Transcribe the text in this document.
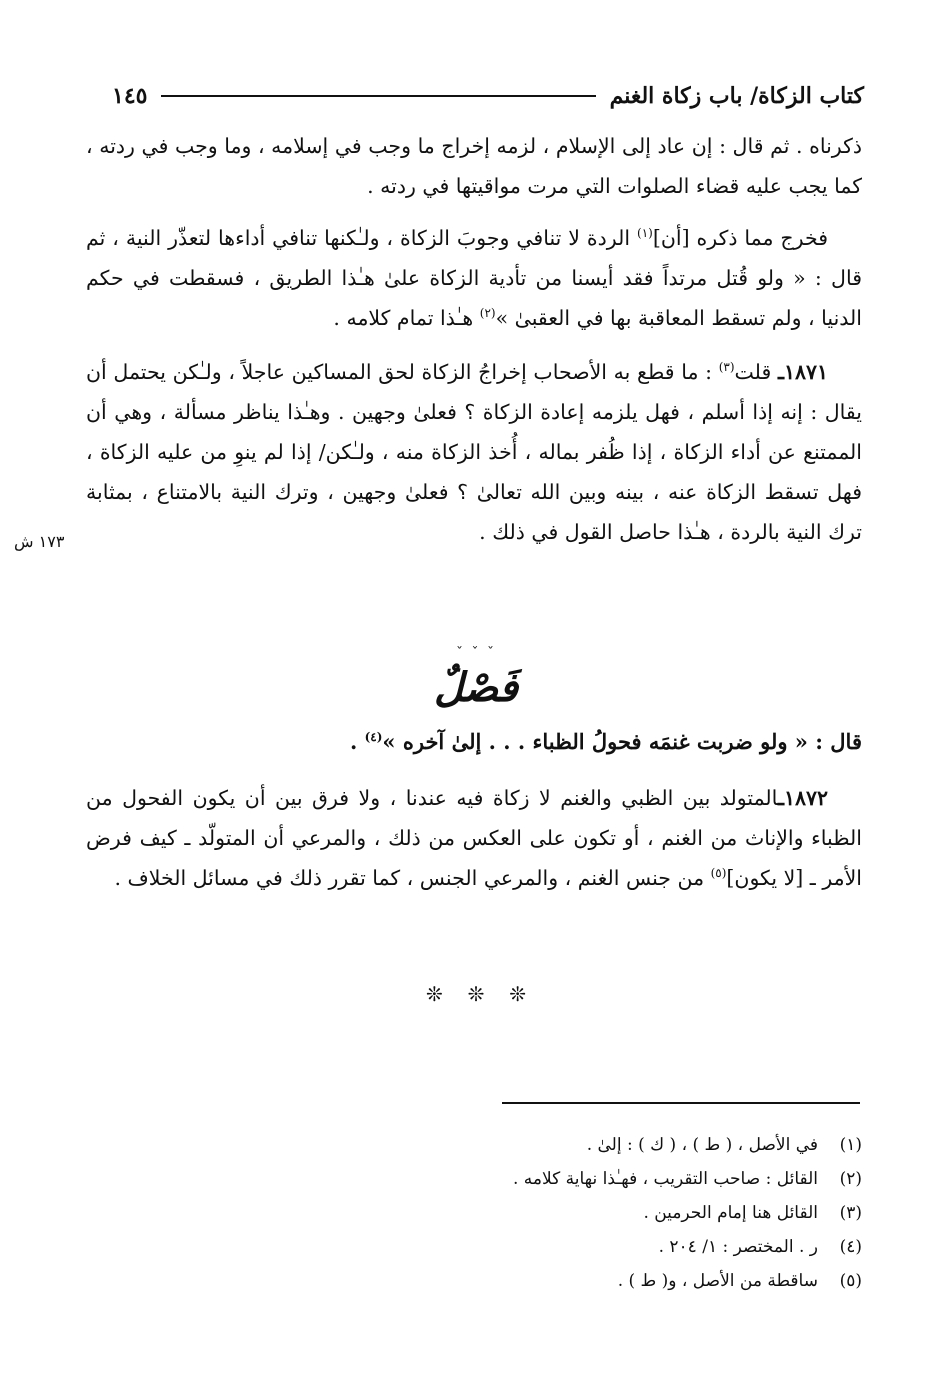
كتاب الزكاة/ باب زكاة الغنم
١٤٥

ذكرناه . ثم قال : إن عاد إلى الإسلام ، لزمه إخراج ما وجب في إسلامه ، وما وجب في ردته ، كما يجب عليه قضاء الصلوات التي مرت مواقيتها في ردته .

فخرج مما ذكره [أن]$^{(١)}$ الردة لا تنافي وجوبَ الزكاة ، ولـٰكنها تنافي أداءها لتعذّر النية ، ثم قال : « ولو قُتل مرتداً فقد أيسنا من تأدية الزكاة علىٰ هـٰذا الطريق ، فسقطت في حكم الدنيا ، ولم تسقط المعاقبة بها في العقبىٰ »$^{(٢)}$ هـٰذا تمام كلامه .

١٨٧١ـ قلت$^{(٣)}$ : ما قطع به الأصحاب إخراجُ الزكاة لحق المساكين عاجلاً ، ولـٰكن يحتمل أن يقال : إنه إذا أسلم ، فهل يلزمه إعادة الزكاة ؟ فعلىٰ وجهين . وهـٰذا يناظر مسألة ، وهي أن الممتنع عن أداء الزكاة ، إذا ظُفر بماله ، أُخذ الزكاة منه ، ولـٰكن/ إذا لم ينوِ من عليه الزكاة ، فهل تسقط الزكاة عنه ، بينه وبين الله تعالىٰ ؟ فعلىٰ وجهين ، وترك النية بالامتناع ، بمثابة ترك النية بالردة ، هـٰذا حاصل القول في ذلك .

١٧٣ ش
ˇ ˇ ˇ
فَصْلٌ
قال : « ولو ضربت غنمَه فحولُ الظباء . . . إلىٰ آخره »$^{(٤)}$ .

١٨٧٢ـالمتولد بين الظبي والغنم لا زكاة فيه عندنا ، ولا فرق بين أن يكون الفحول من الظباء والإناث من الغنم ، أو تكون على العكس من ذلك ، والمرعي أن المتولّد ـ كيف فرض الأمر ـ [لا يكون]$^{(٥)}$ من جنس الغنم ، والمرعي الجنس ، كما تقرر ذلك في مسائل الخلاف .

❊ ❊ ❊
(١)
في الأصل ، ( ط ) ، ( ك ) : إلىٰ .
(٢)
القائل : صاحب التقريب ، فهـٰذا نهاية كلامه .
(٣)
القائل هنا إمام الحرمين .
(٤)
ر . المختصر : ١/ ٢٠٤ .
(٥)
ساقطة من الأصل ، و( ط ) .
